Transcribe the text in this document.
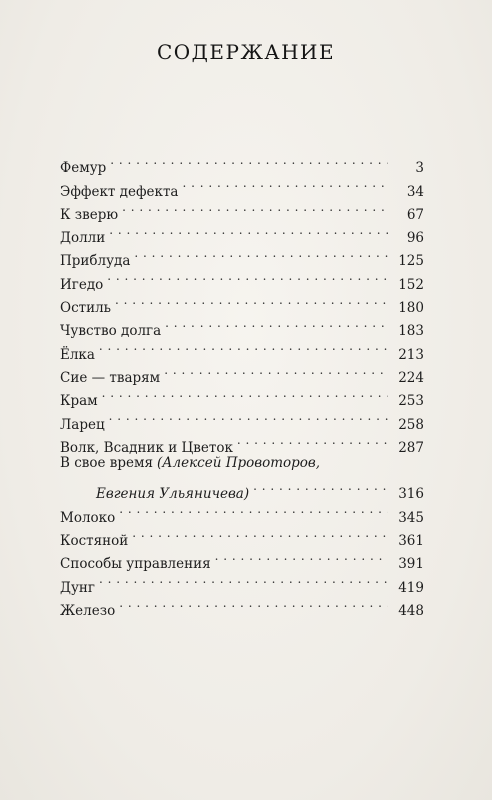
СОДЕРЖАНИЕ
Фемур . . .	3
Эффект дефекта . . .	34
К зверю . . .	67
Долли . . .	96
Приблуда . . .	125
Игедо . . .	152
Остиль . . .	180
Чувство долга . . .	183
Ёлка . . .	213
Сие — тварям . . .	224
Крам . . .	253
Ларец . . .	258
Волк, Всадник и Цветок . . .	287
В свое время (Алексей Провоторов,
Евгения Ульяничева) . . .	316
Молоко . . .	345
Костяной . . .	361
Способы управления . . .	391
Дунг . . .	419
Железо . . .	448
